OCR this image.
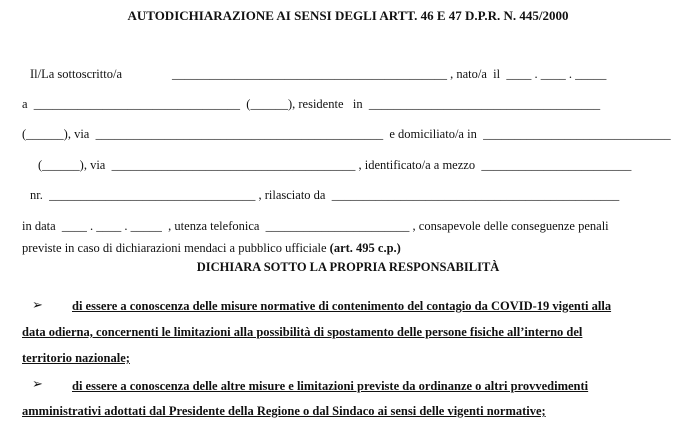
AUTODICHIARAZIONE AI SENSI DEGLI ARTT. 46 E 47 D.P.R. N. 445/2000
Il/La sottoscritto/a                ____________________________________________ , nato/a  il  ____ . ____ . _____
a  _________________________________  (______), residente   in  _____________________________________
(______), via  ______________________________________________  e domiciliato/a in  ______________________________
(______), via  _______________________________________ , identificato/a a mezzo  ________________________
nr.  _________________________________ , rilasciato da  ______________________________________________
in data  ____ . ____ . _____  , utenza telefonica  _______________________ , consapevole delle conseguenze penali
previste in caso di dichiarazioni mendaci a pubblico ufficiale (art. 495 c.p.)
DICHIARA SOTTO LA PROPRIA RESPONSABILITÀ
➢ di essere a conoscenza delle misure normative di contenimento del contagio da COVID-19 vigenti alla
data odierna, concernenti le limitazioni alla possibilità di spostamento delle persone fisiche all’interno del
territorio nazionale;
➢ di essere a conoscenza delle altre misure e limitazioni previste da ordinanze o altri provvedimenti
amministrativi adottati dal Presidente della Regione o dal Sindaco ai sensi delle vigenti normative;
